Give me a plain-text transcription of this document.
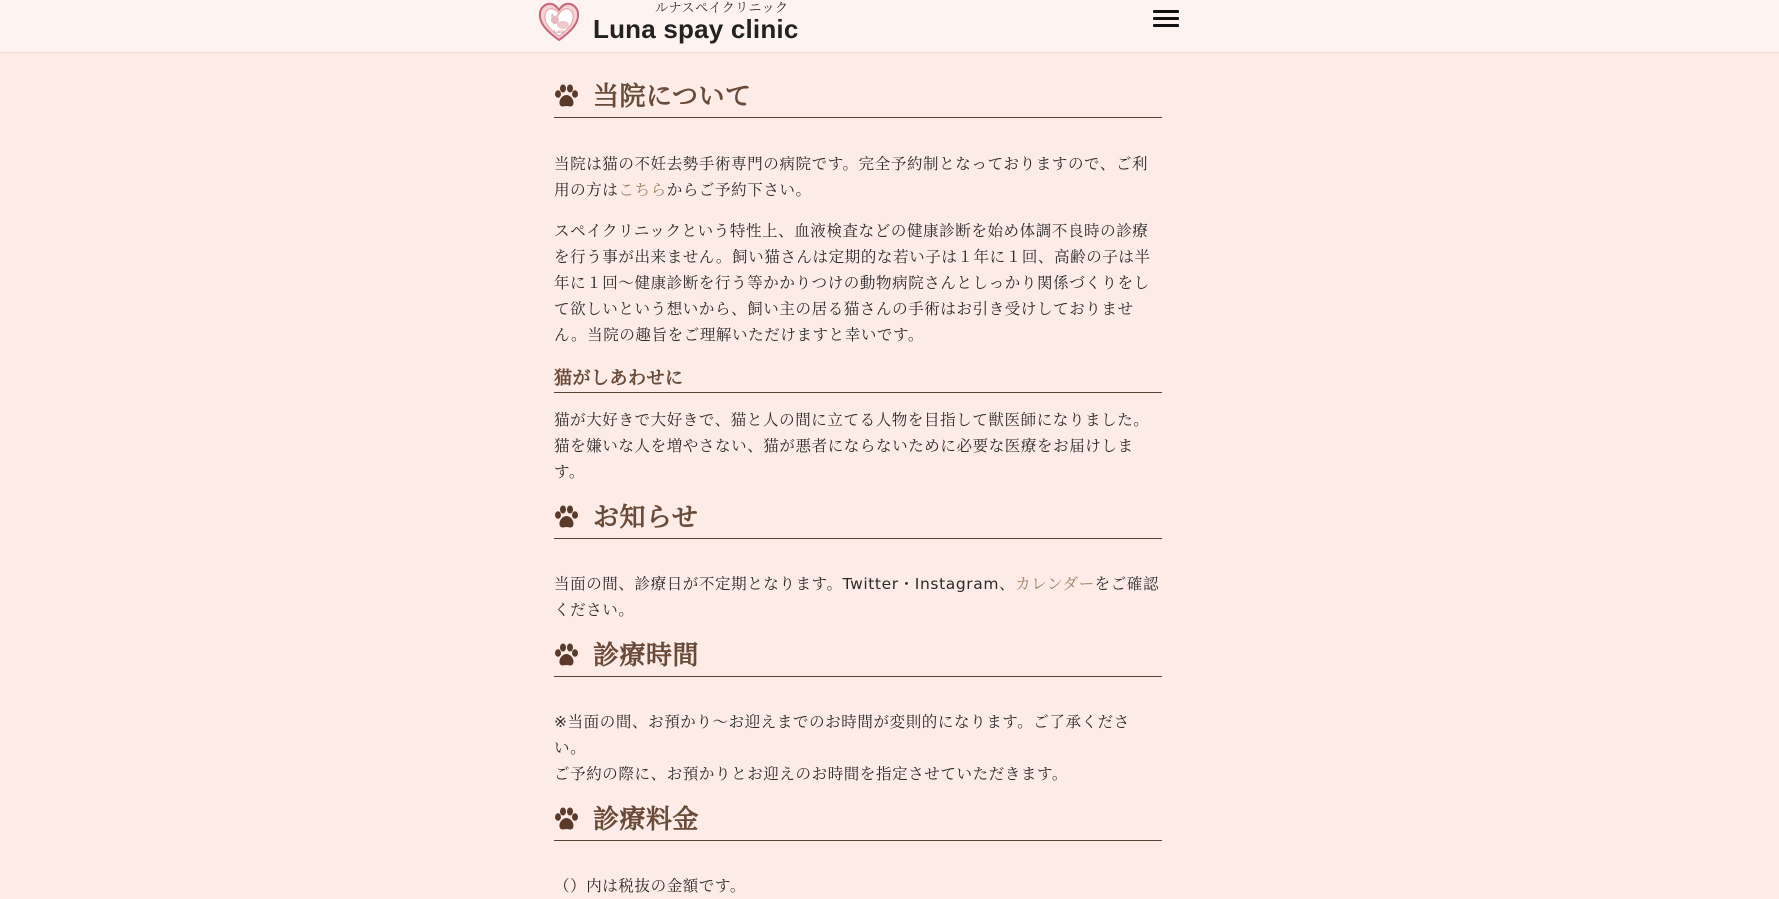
Luna
ルナスペイクリニック
Luna spay clinic
当院について

当院は猫の不妊去勢手術専門の病院です。完全予約制となっておりますので、ご利用の方はこちらからご予約下さい。

スペイクリニックという特性上、血液検査などの健康診断を始め体調不良時の診療を行う事が出来ません。飼い猫さんは定期的な若い子は１年に１回、高齢の子は半年に１回～健康診断を行う等かかりつけの動物病院さんとしっかり関係づくりをして欲しいという想いから、飼い主の居る猫さんの手術はお引き受けしておりません。当院の趣旨をご理解いただけますと幸いです。

猫がしあわせに

猫が大好きで大好きで、猫と人の間に立てる人物を目指して獣医師になりました。
猫を嫌いな人を増やさない、猫が悪者にならないために必要な医療をお届けします。

お知らせ

当面の間、診療日が不定期となります。Twitter・Instagram、カレンダーをご確認ください。

診療時間

※当面の間、お預かり～お迎えまでのお時間が変則的になります。ご了承ください。
ご予約の際に、お預かりとお迎えのお時間を指定させていただきます。

診療料金

（）内は税抜の金額です。
